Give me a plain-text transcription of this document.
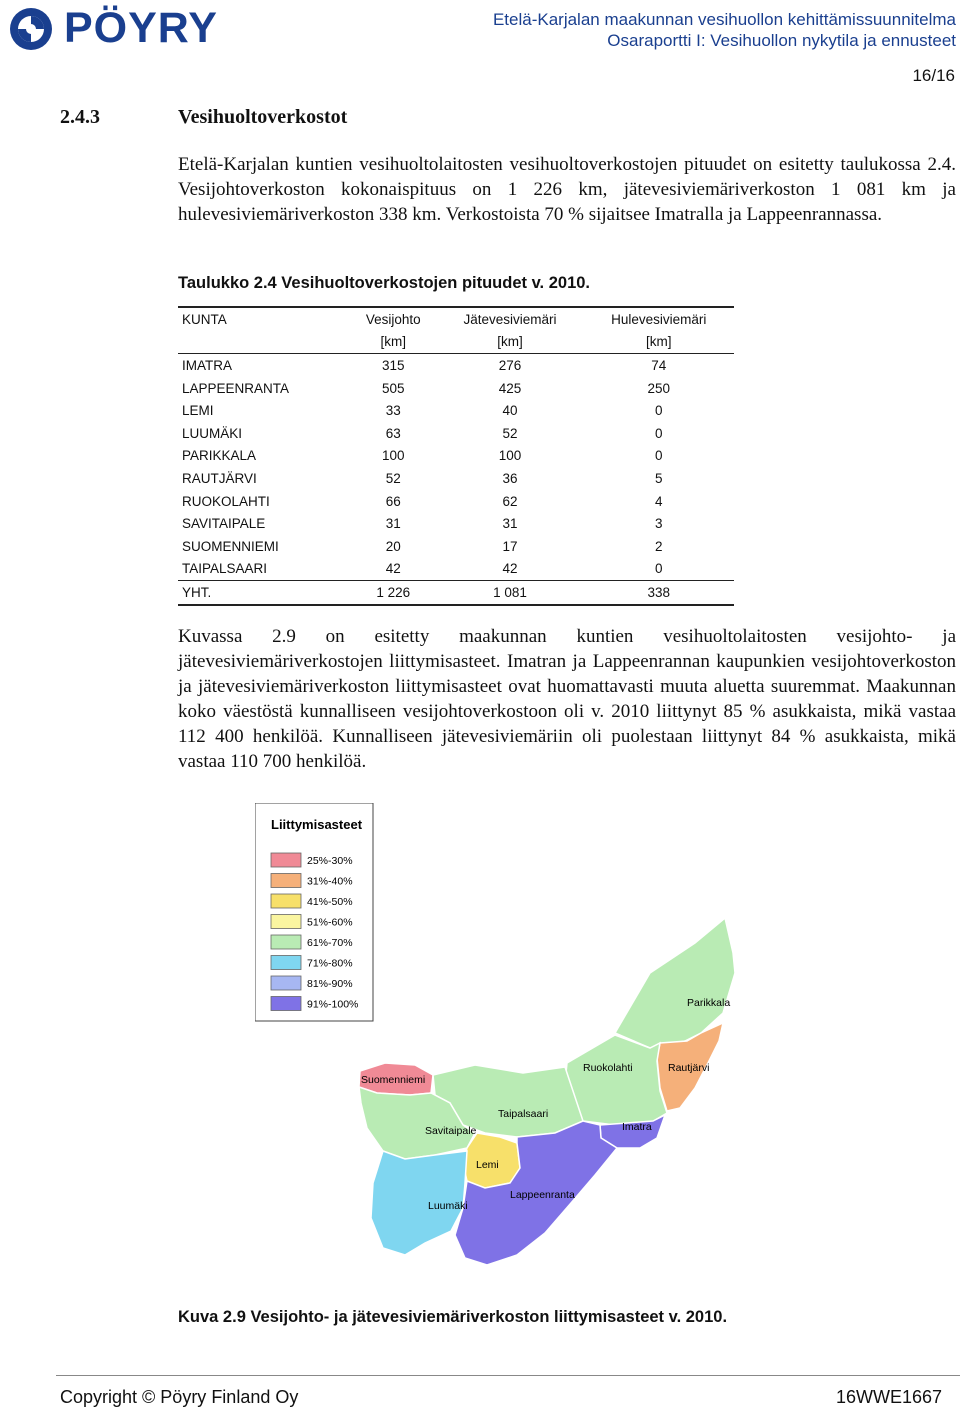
PÖYRY	Etelä-Karjalan maakunnan vesihuollon kehittämissuunnitelma
Osaraportti I: Vesihuollon nykytila ja ennusteet
16/16
2.4.3	Vesihuoltoverkostot
Etelä-Karjalan kuntien vesihuoltolaitosten vesihuoltoverkostojen pituudet on esitetty taulukossa 2.4. Vesijohtoverkoston kokonaispituus on 1 226 km, jätevesiviemäriverkoston 1 081 km ja hulevesiviemäriverkoston 338 km. Verkostoista 70 % sijaitsee Imatralla ja Lappeenrannassa.
Taulukko 2.4 Vesihuoltoverkostojen pituudet v. 2010.
KUNTA	Vesijohto	Jätevesiviemäri	Hulevesiviemäri
	[km]	[km]	[km]
IMATRA	315	276	74
LAPPEENRANTA	505	425	250
LEMI	33	40	0
LUUMÄKI	63	52	0
PARIKKALA	100	100	0
RAUTJÄRVI	52	36	5
RUOKOLAHTI	66	62	4
SAVITAIPALE	31	31	3
SUOMENNIEMI	20	17	2
TAIPALSAARI	42	42	0
YHT.	1 226	1 081	338
Kuvassa 2.9 on esitetty maakunnan kuntien vesihuoltolaitosten vesijohto- ja jätevesiviemäriverkostojen liittymisasteet. Imatran ja Lappeenrannan kaupunkien vesijohtoverkoston ja jätevesiviemäriverkoston liittymisasteet ovat huomattavasti muuta aluetta suuremmat. Maakunnan koko väestöstä kunnalliseen vesijohtoverkostoon oli v. 2010 liittynyt 85 % asukkaista, mikä vastaa 112 400 henkilöä. Kunnalliseen jätevesiviemäriin oli puolestaan liittynyt 84 % asukkaista, mikä vastaa 110 700 henkilöä.
Liittymisasteet
25%-30%
31%-40%
41%-50%
51%-60%
61%-70%
71%-80%
81%-90%
91%-100%	Parikkala
Rautjärvi
Ruokolahti
Imatra
Suomenniemi
Taipalsaari
Savitaipale
Lemi
Luumäki
Lappeenranta
Kuva 2.9 Vesijohto- ja jätevesiviemäriverkoston liittymisasteet v. 2010.
Copyright © Pöyry Finland Oy	16WWE1667
